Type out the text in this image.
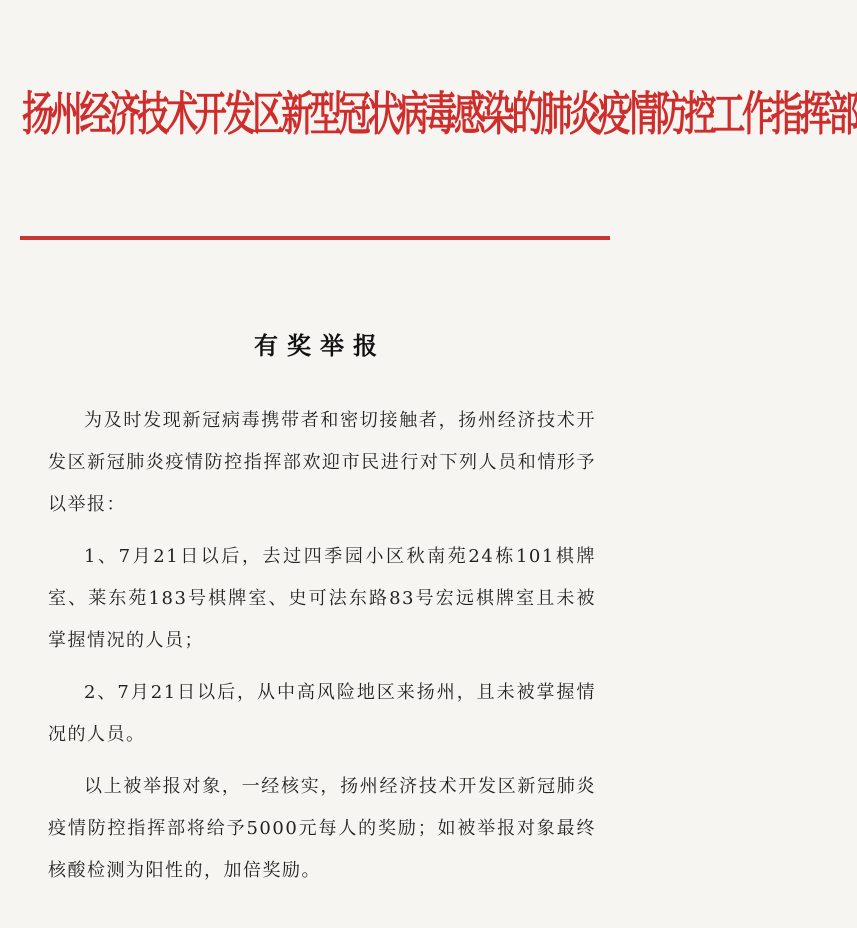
扬州经济技术开发区新型冠状病毒感染的肺炎疫情防控工作指挥部
有奖举报

为及时发现新冠病毒携带者和密切接触者，扬州经济技术开发区新冠肺炎疫情防控指挥部欢迎市民进行对下列人员和情形予以举报：

1、7月21日以后，去过四季园小区秋南苑24栋101棋牌室、莱东苑183号棋牌室、史可法东路83号宏远棋牌室且未被掌握情况的人员；

2、7月21日以后，从中高风险地区来扬州，且未被掌握情况的人员。

以上被举报对象，一经核实，扬州经济技术开发区新冠肺炎疫情防控指挥部将给予5000元每人的奖励；如被举报对象最终核酸检测为阳性的，加倍奖励。
